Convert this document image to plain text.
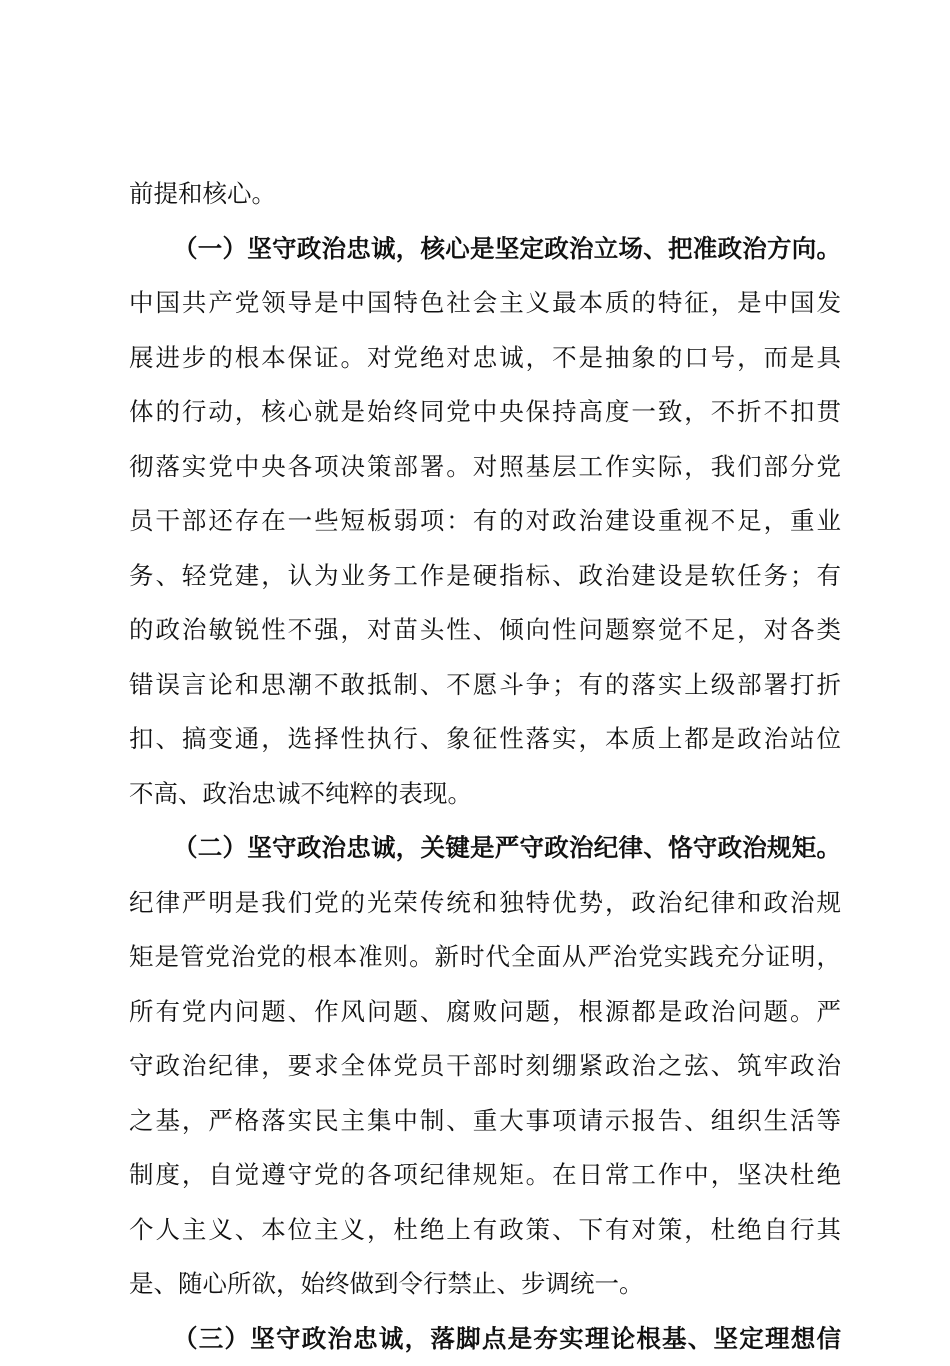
前提和核心。
（一）坚守政治忠诚，核心是坚定政治立场、把准政治方向。
中国共产党领导是中国特色社会主义最本质的特征，是中国发
展进步的根本保证。对党绝对忠诚，不是抽象的口号，而是具
体的行动，核心就是始终同党中央保持高度一致，不折不扣贯
彻落实党中央各项决策部署。对照基层工作实际，我们部分党
员干部还存在一些短板弱项：有的对政治建设重视不足，重业
务、轻党建，认为业务工作是硬指标、政治建设是软任务；有
的政治敏锐性不强，对苗头性、倾向性问题察觉不足，对各类
错误言论和思潮不敢抵制、不愿斗争；有的落实上级部署打折
扣、搞变通，选择性执行、象征性落实，本质上都是政治站位
不高、政治忠诚不纯粹的表现。
（二）坚守政治忠诚，关键是严守政治纪律、恪守政治规矩。
纪律严明是我们党的光荣传统和独特优势，政治纪律和政治规
矩是管党治党的根本准则。新时代全面从严治党实践充分证明，
所有党内问题、作风问题、腐败问题，根源都是政治问题。严
守政治纪律，要求全体党员干部时刻绷紧政治之弦、筑牢政治
之基，严格落实民主集中制、重大事项请示报告、组织生活等
制度，自觉遵守党的各项纪律规矩。在日常工作中，坚决杜绝
个人主义、本位主义，杜绝上有政策、下有对策，杜绝自行其
是、随心所欲，始终做到令行禁止、步调统一。
（三）坚守政治忠诚，落脚点是夯实理论根基、坚定理想信
